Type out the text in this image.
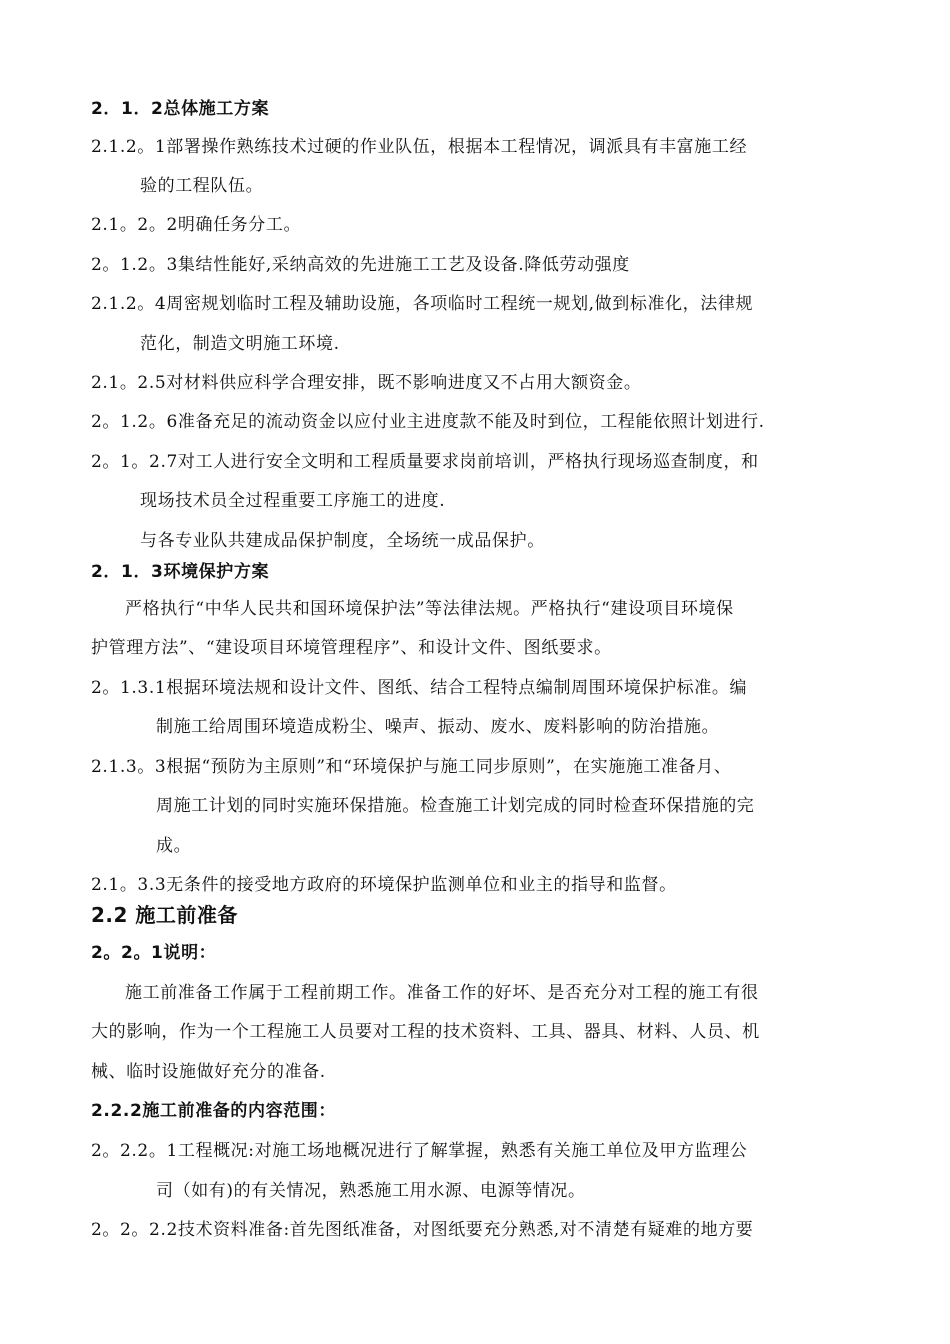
2．1．2总体施工方案
2.1.2。1部署操作熟练技术过硬的作业队伍，根据本工程情况，调派具有丰富施工经
验的工程队伍。
2.1。2。2明确任务分工。
2。1.2。3集结性能好,采纳高效的先进施工工艺及设备.降低劳动强度
2.1.2。4周密规划临时工程及辅助设施，各项临时工程统一规划,做到标准化，法律规
范化，制造文明施工环境.
2.1。2.5对材料供应科学合理安排，既不影响进度又不占用大额资金。
2。1.2。6准备充足的流动资金以应付业主进度款不能及时到位，工程能依照计划进行.
2。1。2.7对工人进行安全文明和工程质量要求岗前培训，严格执行现场巡查制度，和
现场技术员全过程重要工序施工的进度.
与各专业队共建成品保护制度，全场统一成品保护。
2．1．3环境保护方案
严格执行“中华人民共和国环境保护法”等法律法规。严格执行“建设项目环境保
护管理方法”、“建设项目环境管理程序”、和设计文件、图纸要求。
2。1.3.1根据环境法规和设计文件、图纸、结合工程特点编制周围环境保护标准。编
制施工给周围环境造成粉尘、噪声、振动、废水、废料影响的防治措施。
2.1.3。3根据“预防为主原则”和“环境保护与施工同步原则”，在实施施工准备月、
周施工计划的同时实施环保措施。检查施工计划完成的同时检查环保措施的完
成。
2.1。3.3无条件的接受地方政府的环境保护监测单位和业主的指导和监督。
2.2 施工前准备
2。2。1说明：
施工前准备工作属于工程前期工作。准备工作的好坏、是否充分对工程的施工有很
大的影响，作为一个工程施工人员要对工程的技术资料、工具、器具、材料、人员、机
械、临时设施做好充分的准备.
2.2.2施工前准备的内容范围：
2。2.2。1工程概况:对施工场地概况进行了解掌握，熟悉有关施工单位及甲方监理公
司（如有)的有关情况，熟悉施工用水源、电源等情况。
2。2。2.2技术资料准备:首先图纸准备，对图纸要充分熟悉,对不清楚有疑难的地方要
